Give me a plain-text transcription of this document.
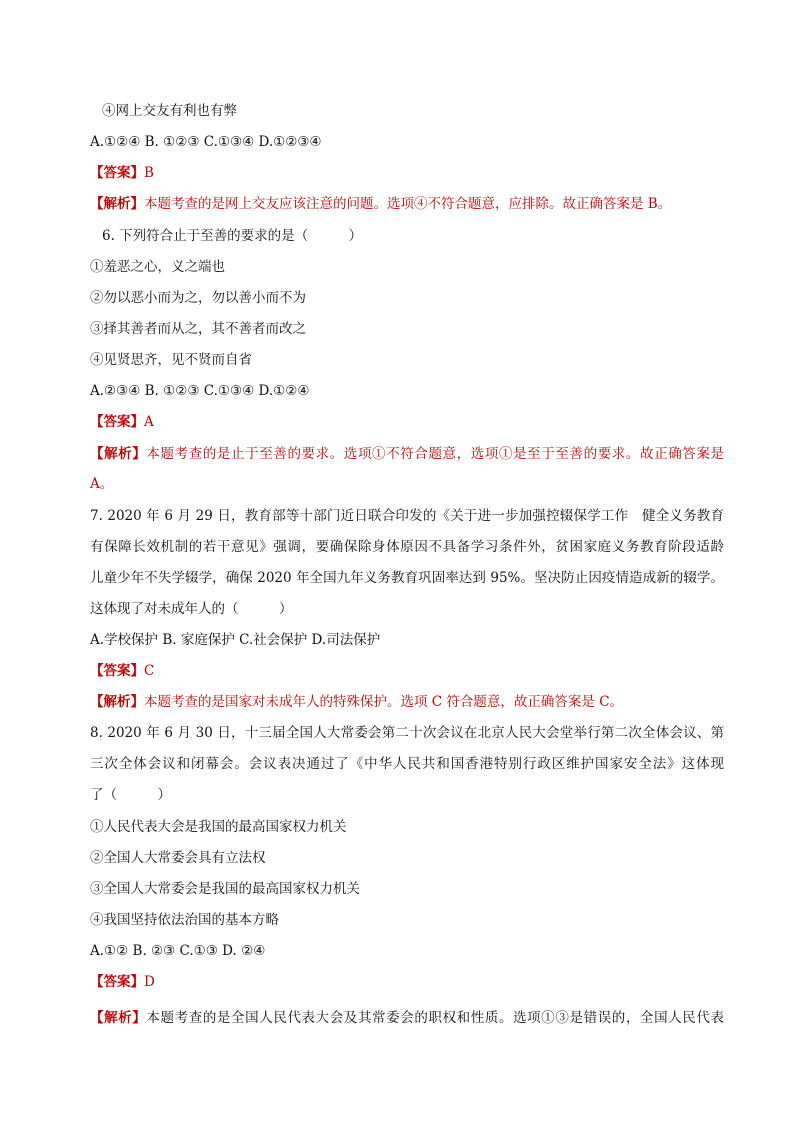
④网上交友有利也有弊
A.①②④ B. ①②③ C.①③④ D.①②③④
【答案】B
【解析】本题考查的是网上交友应该注意的问题。选项④不符合题意，应排除。故正确答案是 B。
6. 下列符合止于至善的要求的是（　　　）
①羞恶之心，义之端也
②勿以恶小而为之，勿以善小而不为
③择其善者而从之，其不善者而改之
④见贤思齐，见不贤而自省
A.②③④ B. ①②③ C.①③④ D.①②④
【答案】A
【解析】本题考查的是止于至善的要求。选项①不符合题意，选项①是至于至善的要求。故正确答案是 A。
7. 2020 年 6 月 29 日，教育部等十部门近日联合印发的《关于进一步加强控辍保学工作　健全义务教育
有保障长效机制的若干意见》强调，要确保除身体原因不具备学习条件外，贫困家庭义务教育阶段适龄
儿童少年不失学辍学，确保 2020 年全国九年义务教育巩固率达到 95%。坚决防止因疫情造成新的辍学。
这体现了对未成年人的（　　　）
A.学校保护 B. 家庭保护 C.社会保护 D.司法保护
【答案】C
【解析】本题考查的是国家对未成年人的特殊保护。选项 C 符合题意，故正确答案是 C。
8. 2020 年 6 月 30 日，十三届全国人大常委会第二十次会议在北京人民大会堂举行第二次全体会议、第
三次全体会议和闭幕会。会议表决通过了《中华人民共和国香港特别行政区维护国家安全法》这体现
了（　　　）
①人民代表大会是我国的最高国家权力机关
②全国人大常委会具有立法权
③全国人大常委会是我国的最高国家权力机关
④我国坚持依法治国的基本方略
A.①② B. ②③ C.①③ D. ②④
【答案】D
【解析】本题考查的是全国人民代表大会及其常委会的职权和性质。选项①③是错误的，全国人民代表
